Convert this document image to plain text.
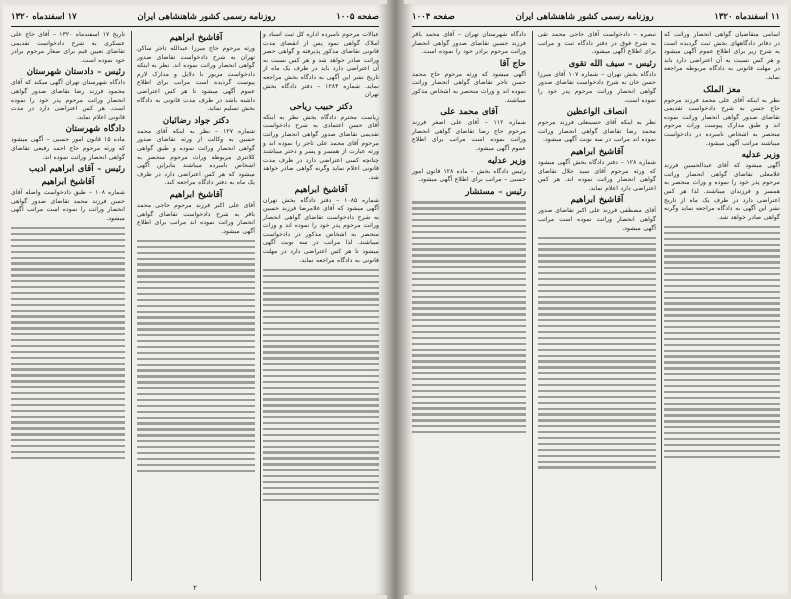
صفحه ۱۰۰۵
روزنامه رسمی کشور شاهنشاهی ایران
۱۷ اسفندماه ۱۳۲۰

عیالات مرحوم نامبرده اداره کل ثبت اسناد و املاک گواهی نمود پس از انقضای مدت قانونی تقاضای مذکور پذیرفته و گواهی حصر وراثت صادر خواهد شد و هر کس نسبت به آن اعتراضی دارد باید در ظرف یک ماه از تاریخ نشر این آگهی به دادگاه بخش مراجعه نماید. شماره ۱۲۸۴ – دفتر دادگاه بخش تهران

دکتر حبیب ریاحی

ریاست محترم دادگاه بخش نظر به اینکه آقای حسن اعتمادی به شرح دادخواست تقدیمی تقاضای صدور گواهی انحصار وراثت مرحوم آقای محمد علی تاجر را نموده اند و ورثه عبارت از همسر و پسر و دختر میباشند چنانچه کسی اعتراضی دارد در ظرف مدت قانونی اعلام نماید وگرنه گواهی صادر خواهد شد.

آقاشیخ ابراهیم

شماره ۱۰۸۵ – دفتر دادگاه بخش تهران آگهی میشود که آقای غلامرضا فرزند حسین به شرح دادخواست تقاضای گواهی انحصار وراثت مرحوم پدر خود را نموده اند و وراث منحصر به اشخاص مذکور در دادخواست میباشند. لذا مراتب در سه نوبت آگهی میشود تا هر کس اعتراضی دارد در مهلت قانونی به دادگاه مراجعه نماید.

آقاشیخ ابراهیم

ورثه مرحوم حاج میرزا عبدالله تاجر ساکن تهران به شرح دادخواست تقاضای صدور گواهی انحصار وراثت نموده اند. نظر به اینکه دادخواست مزبور با دلایل و مدارک لازم پیوست گردیده است مراتب برای اطلاع عموم آگهی میشود تا هر کس اعتراضی داشته باشد در ظرف مدت قانونی به دادگاه بخش تسلیم نماید.

دکتر جواد رضائیان

شماره ۱۲۷ – نظر به اینکه آقای محمد حسین به وکالت از ورثه تقاضای صدور گواهی انحصار وراثت نموده و طبق گواهی کلانتری مربوطه وراث مرحوم منحصر به اشخاص نامبرده میباشند بنابراین آگهی میشود که هر کس اعتراضی دارد در ظرف یک ماه به دفتر دادگاه مراجعه کند.

آقاشیخ ابراهیم

آقای علی اکبر فرزند مرحوم حاجی محمد باقر به شرح دادخواست تقاضای گواهی انحصار وراثت نموده اند مراتب برای اطلاع آگهی میشود.

تاریخ ۱۷ اسفندماه ۱۳۲۰ – آقای حاج علی عسکری به شرح دادخواست تقدیمی تقاضای تعیین قیم برای صغار مرحوم برادر خود نموده است.

رئیس – دادستان شهرستان

دادگاه شهرستان تهران آگهی میکند که آقای محمود فرزند رضا تقاضای صدور گواهی انحصار وراثت مرحوم پدر خود را نموده است. هر کس اعتراضی دارد در مدت قانونی اعلام نماید.

دادگاه شهرستان

ماده ۱۵ قانون امور حسبی – آگهی میشود که ورثه مرحوم حاج احمد رفیعی تقاضای گواهی انحصار وراثت نموده اند.

رئیس – آقای ابراهیم ادیب
آقاشیخ ابراهیم

شماره ۱۰۸ – طبق دادخواست واصله آقای حسن فرزند محمد تقاضای صدور گواهی انحصار وراثت را نموده است مراتب آگهی میشود.

۲
۱۱ اسفندماه ۱۳۲۰
روزنامه رسمی کشور شاهنشاهی ایران
صفحه ۱۰۰۴

اسامی متقاضیان گواهی انحصار وراثت که در دفاتر دادگاههای بخش ثبت گردیده است به شرح زیر برای اطلاع عموم آگهی میشود و هر کس نسبت به آن اعتراضی دارد باید در مهلت قانونی به دادگاه مربوطه مراجعه نماید.

معز الملک

نظر به اینکه آقای علی محمد فرزند مرحوم حاج حسن به شرح دادخواست تقدیمی تقاضای صدور گواهی انحصار وراثت نموده اند و طبق مدارک پیوست وراث مرحوم منحصر به اشخاص نامبرده در دادخواست میباشند مراتب آگهی میشود.

وزیر عدلیه

آگهی میشود که آقای عبدالحسین فرزند غلامعلی تقاضای گواهی انحصار وراثت مرحوم پدر خود را نموده و وراث منحصر به همسر و فرزندان میباشند. لذا هر کس اعتراضی دارد در ظرف یک ماه از تاریخ نشر این آگهی به دادگاه مراجعه نماید وگرنه گواهی صادر خواهد شد.

تبصره – دادخواست آقای حاجی محمد تقی به شرح فوق در دفتر دادگاه ثبت و مراتب برای اطلاع آگهی میشود.

رئیس – سیف الله تقوی

دادگاه بخش تهران – شماره ۱۰۷ آقای میرزا حسن خان به شرح دادخواست تقاضای صدور گواهی انحصار وراثت مرحوم پدر خود را نموده است.

انصاف الواعظین

نظر به اینکه آقای حسینعلی فرزند مرحوم محمد رضا تقاضای گواهی انحصار وراثت نموده اند مراتب در سه نوبت آگهی میشود.

آقاشیخ ابراهیم

شماره ۱۲۸ – دفتر دادگاه بخش آگهی میشود که ورثه مرحوم آقای سید جلال تقاضای گواهی انحصار وراثت نموده اند. هر کس اعتراضی دارد اعلام نماید.

آقاشیخ ابراهیم

آقای مصطفی فرزند علی اکبر تقاضای صدور گواهی انحصار وراثت نموده است مراتب آگهی میشود.

دادگاه شهرستان تهران – آقای محمد باقر فرزند حسین تقاضای صدور گواهی انحصار وراثت مرحوم برادر خود را نموده است.

حاج آقا

آگهی میشود که ورثه مرحوم حاج محمد حسن تاجر تقاضای گواهی انحصار وراثت نموده اند و وراث منحصر به اشخاص مذکور میباشند.

آقای محمد علی

شماره ۱۱۲ – آقای علی اصغر فرزند مرحوم حاج رضا تقاضای گواهی انحصار وراثت نموده است مراتب برای اطلاع عموم آگهی میشود.

وزیر عدلیه

رئیس دادگاه بخش – ماده ۱۲۸ قانون امور حسبی – مراتب برای اطلاع آگهی میشود.

رئیس – مستشار
۱
